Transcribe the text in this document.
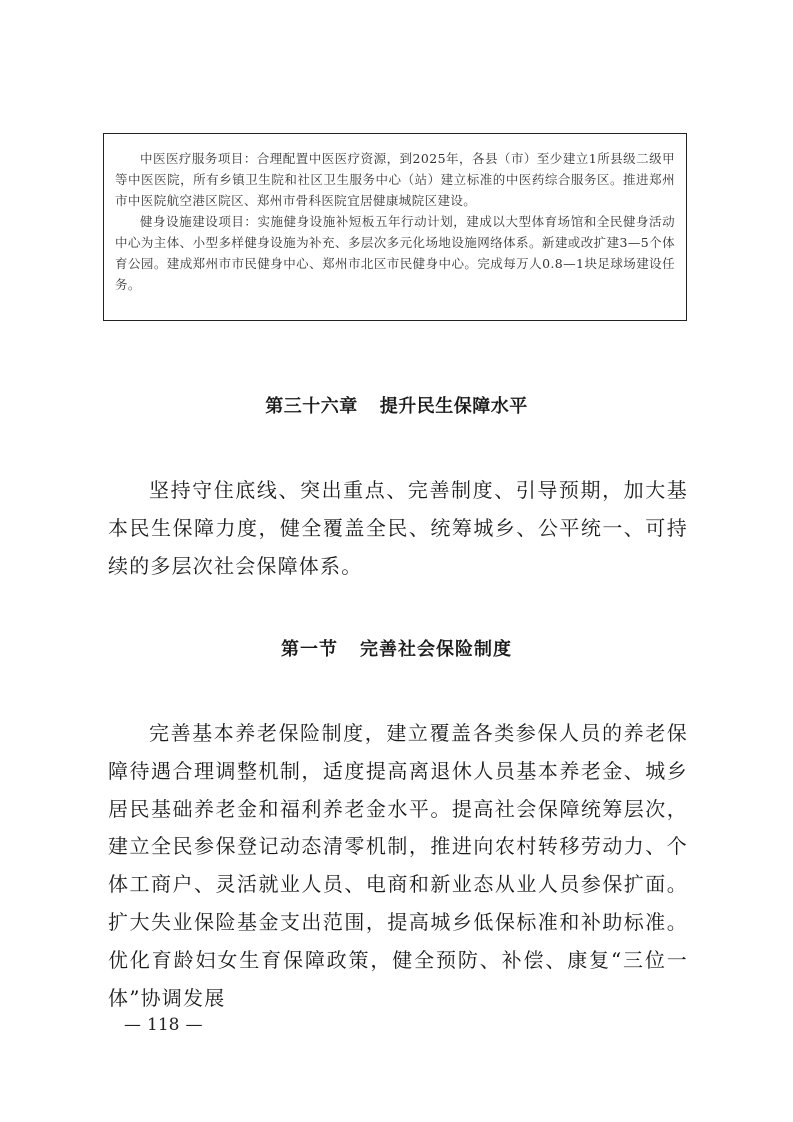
中医医疗服务项目：合理配置中医医疗资源，到2025年，各县（市）至少建立1所县级二级甲等中医医院，所有乡镇卫生院和社区卫生服务中心（站）建立标准的中医药综合服务区。推进郑州市中医院航空港区院区、郑州市骨科医院宜居健康城院区建设。

健身设施建设项目：实施健身设施补短板五年行动计划，建成以大型体育场馆和全民健身活动中心为主体、小型多样健身设施为补充、多层次多元化场地设施网络体系。新建或改扩建3—5个体育公园。建成郑州市市民健身中心、郑州市北区市民健身中心。完成每万人0.8—1块足球场建设任务。

第三十六章 提升民生保障水平

坚持守住底线、突出重点、完善制度、引导预期，加大基本民生保障力度，健全覆盖全民、统筹城乡、公平统一、可持续的多层次社会保障体系。

第一节 完善社会保险制度

完善基本养老保险制度，建立覆盖各类参保人员的养老保障待遇合理调整机制，适度提高离退休人员基本养老金、城乡居民基础养老金和福利养老金水平。提高社会保障统筹层次，建立全民参保登记动态清零机制，推进向农村转移劳动力、个体工商户、灵活就业人员、电商和新业态从业人员参保扩面。扩大失业保险基金支出范围，提高城乡低保标准和补助标准。优化育龄妇女生育保障政策，健全预防、补偿、康复“三位一体”协调发展

— 118 —
